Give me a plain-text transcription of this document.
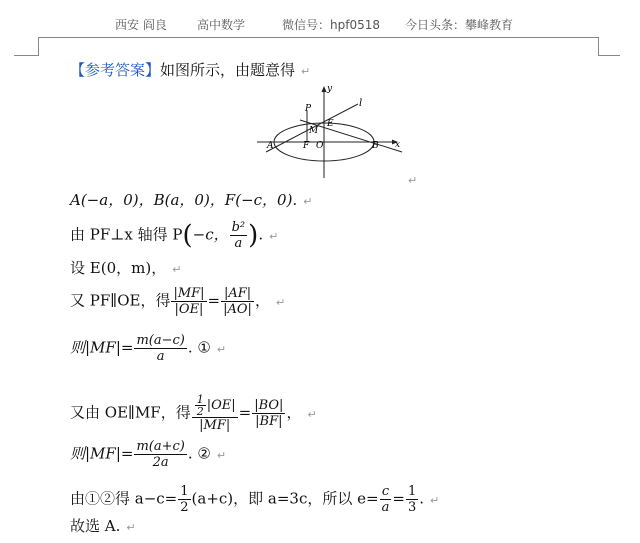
西安 阎良	高中数学	微信号：hpf0518 今日头条：攀峰教育
【参考答案】如图所示，由题意得 ↵
y
l
P
E
M
A	F O	B x
↵
A(−a，0)，B(a，0)，F(−c，0). ↵
由 PF⊥x 轴得 P(−c， $\frac{\text{b²}}{a}$ ). ↵
设 E(0，m)， ↵
又 PF∥OE，得 $\frac{|MF|}{|OE|} = \frac{|AF|}{|AO|}$ ， ↵
则$|MF|= \frac{m(a-c)}{a}$ . ① ↵
又由 OE∥MF，得 $\frac{\frac{1}{2} |OE|}{|MF|} = \frac{|BO|}{|BF|}$ ， ↵
则$|MF|= \frac{m(a+c)}{2a}$ . ② ↵
由①②得 $a-c= \frac{1}{2} (a+c)$，即 a=3c，所以 $e= \frac{c}{a} = \frac{1}{3}$ . ↵
故选 A. ↵
